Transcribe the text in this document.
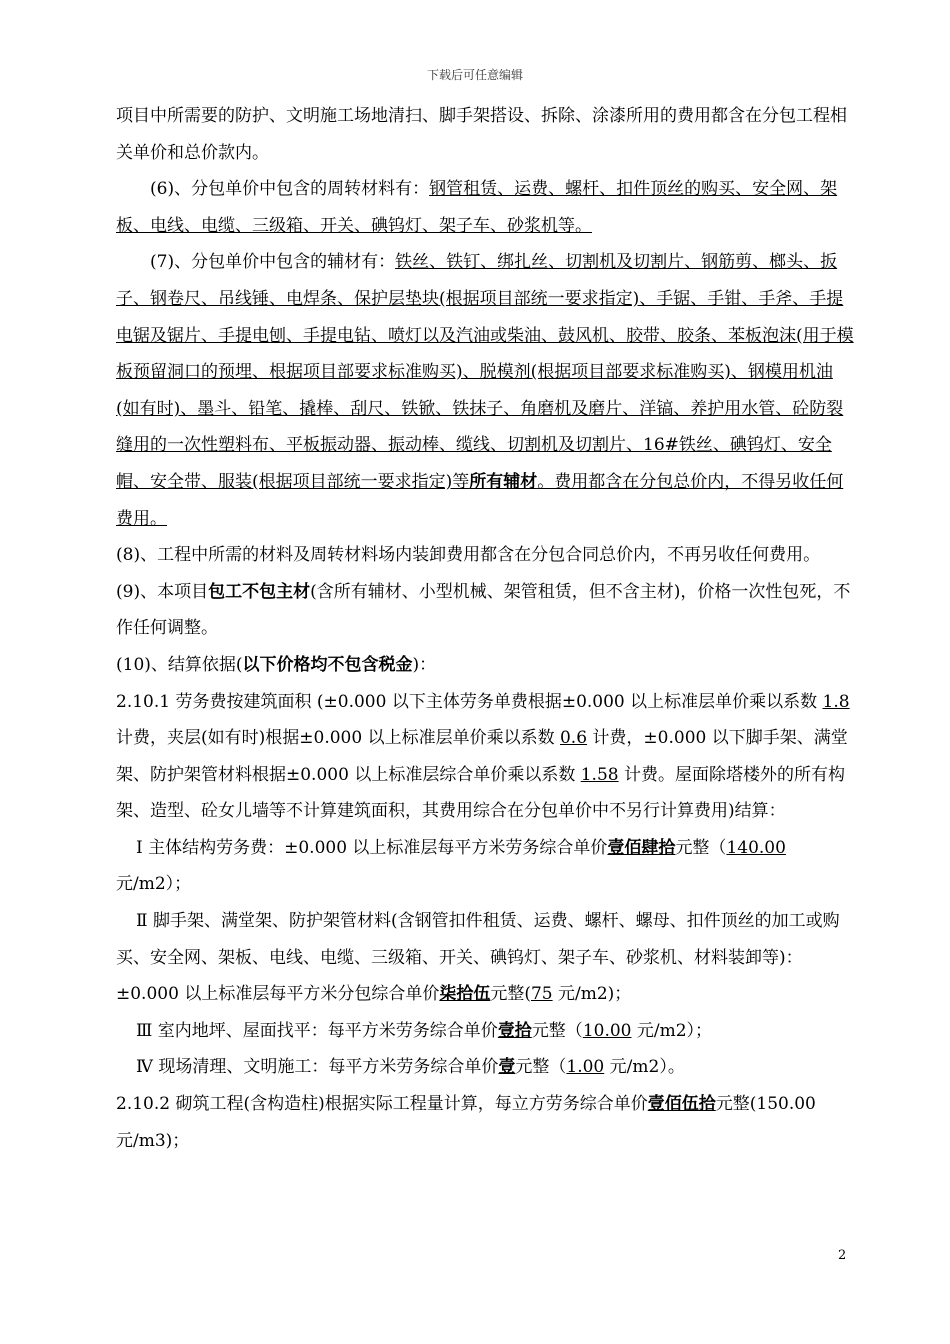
下载后可任意编辑

项目中所需要的防护、文明施工场地清扫、脚手架搭设、拆除、涂漆所用的费用都含在分包工程相关单价和总价款内。

(6)、分包单价中包含的周转材料有：钢管租赁、运费、螺杆、扣件顶丝的购买、安全网、架板、电线、电缆、三级箱、开关、碘钨灯、架子车、砂浆机等。

(7)、分包单价中包含的辅材有：铁丝、铁钉、绑扎丝、切割机及切割片、钢筋剪、榔头、扳子、钢卷尺、吊线锤、电焊条、保护层垫块(根据项目部统一要求指定)、手锯、手钳、手斧、手提电锯及锯片、手提电刨、手提电钻、喷灯以及汽油或柴油、鼓风机、胶带、胶条、苯板泡沫(用于模板预留洞口的预埋、根据项目部要求标准购买)、脱模剂(根据项目部要求标准购买)、钢模用机油(如有时)、墨斗、铅笔、撬棒、刮尺、铁锨、铁抹子、角磨机及磨片、洋镐、养护用水管、砼防裂缝用的一次性塑料布、平板振动器、振动棒、缆线、切割机及切割片、16#铁丝、碘钨灯、安全帽、安全带、服装(根据项目部统一要求指定)等所有辅材。费用都含在分包总价内，不得另收任何费用。

(8)、工程中所需的材料及周转材料场内装卸费用都含在分包合同总价内，不再另收任何费用。

(9)、本项目包工不包主材(含所有辅材、小型机械、架管租赁，但不含主材)，价格一次性包死，不作任何调整。

(10)、结算依据(以下价格均不包含税金)：

2.10.1 劳务费按建筑面积 (±0.000 以下主体劳务单费根据±0.000 以上标准层单价乘以系数 1.8 计费，夹层(如有时)根据±0.000 以上标准层单价乘以系数 0.6 计费，±0.000 以下脚手架、满堂架、防护架管材料根据±0.000 以上标准层综合单价乘以系数 1.58 计费。屋面除塔楼外的所有构架、造型、砼女儿墙等不计算建筑面积，其费用综合在分包单价中不另行计算费用)结算：

Ⅰ 主体结构劳务费：±0.000 以上标准层每平方米劳务综合单价壹佰肆拾元整（140.00 元/m2）；

Ⅱ 脚手架、满堂架、防护架管材料(含钢管扣件租赁、运费、螺杆、螺母、扣件顶丝的加工或购买、安全网、架板、电线、电缆、三级箱、开关、碘钨灯、架子车、砂浆机、材料装卸等)：±0.000 以上标准层每平方米分包综合单价柒拾伍元整(75 元/m2)；

Ⅲ 室内地坪、屋面找平：每平方米劳务综合单价壹拾元整（10.00 元/m2）；

Ⅳ 现场清理、文明施工：每平方米劳务综合单价壹元整（1.00 元/m2）。

2.10.2 砌筑工程(含构造柱)根据实际工程量计算，每立方劳务综合单价壹佰伍拾元整(150.00 元/m3)；

2
